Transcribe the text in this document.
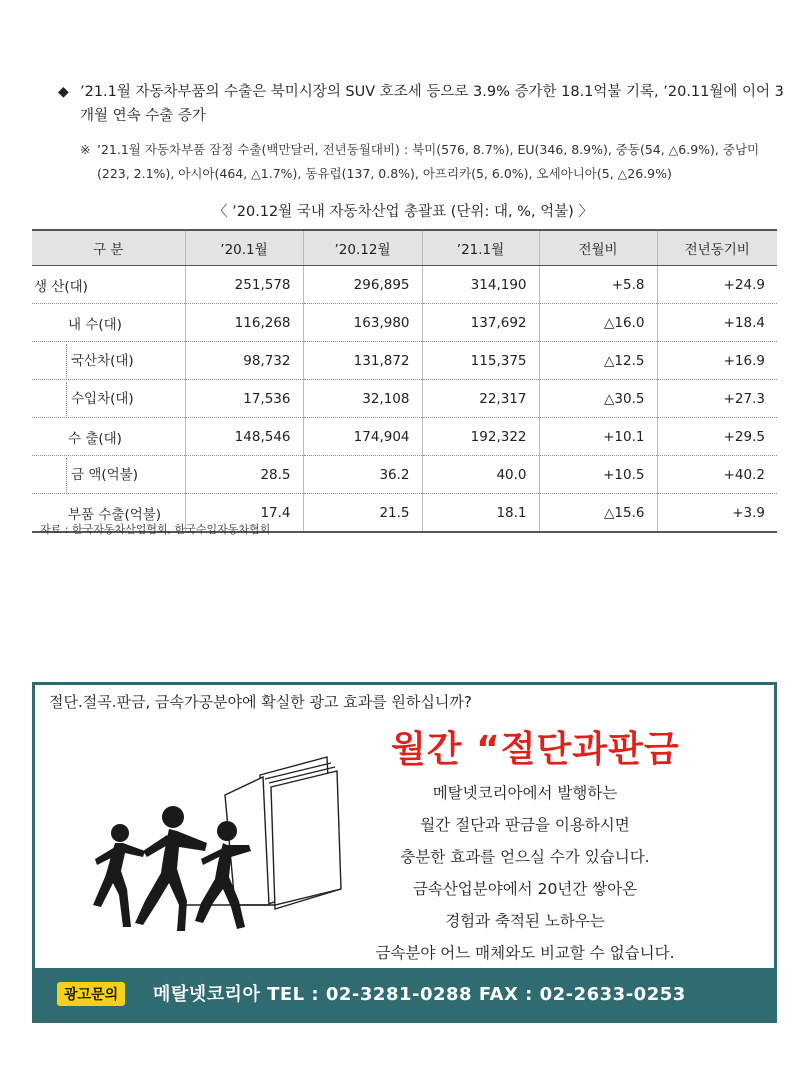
◆ ’21.1월 자동차부품의 수출은 북미시장의 SUV 호조세 등으로 3.9% 증가한 18.1억불 기록, ’20.11월에 이어 3개월 연속 수출 증가
※ ’21.1월 자동차부품 잠정 수출(백만달러, 전년동월대비) : 북미(576, 8.7%), EU(346, 8.9%), 중동(54, △6.9%), 중남미(223, 2.1%), 아시아(464, △1.7%), 동유럽(137, 0.8%), 아프리카(5, 6.0%), 오세아니아(5, △26.9%)
〈 ’20.12월 국내 자동차산업 총괄표 (단위: 대, %, 억불) 〉
구 분	’20.1월	’20.12월	’21.1월	전월비	전년동기비
생 산(대)	251,578	296,895	314,190	+5.8	+24.9
내 수(대)	116,268	163,980	137,692	△16.0	+18.4

국산차(대)	98,732	131,872	115,375	△12.5	+16.9

수입차(대)	17,536	32,108	22,317	△30.5	+27.3
수 출(대)	148,546	174,904	192,322	+10.1	+29.5

금 액(억불)	28.5	36.2	40.0	+10.5	+40.2
부품 수출(억불)	17.4	21.5	18.1	△15.6	+3.9
자료 : 한국자동차산업협회, 한국수입자동차협회
절단.절곡.판금, 금속가공분야에 확실한 광고 효과를 원하십니까?
월간 “절단과판금
메탈넷코리아에서 발행하는
월간 절단과 판금을 이용하시면
충분한 효과를 얻으실 수가 있습니다.
금속산업분야에서 20년간 쌓아온
경험과 축적된 노하우는
금속분야 어느 매체와도 비교할 수 없습니다.
광고문의	메탈넷코리아 TEL : 02-3281-0288 FAX : 02-2633-0253
